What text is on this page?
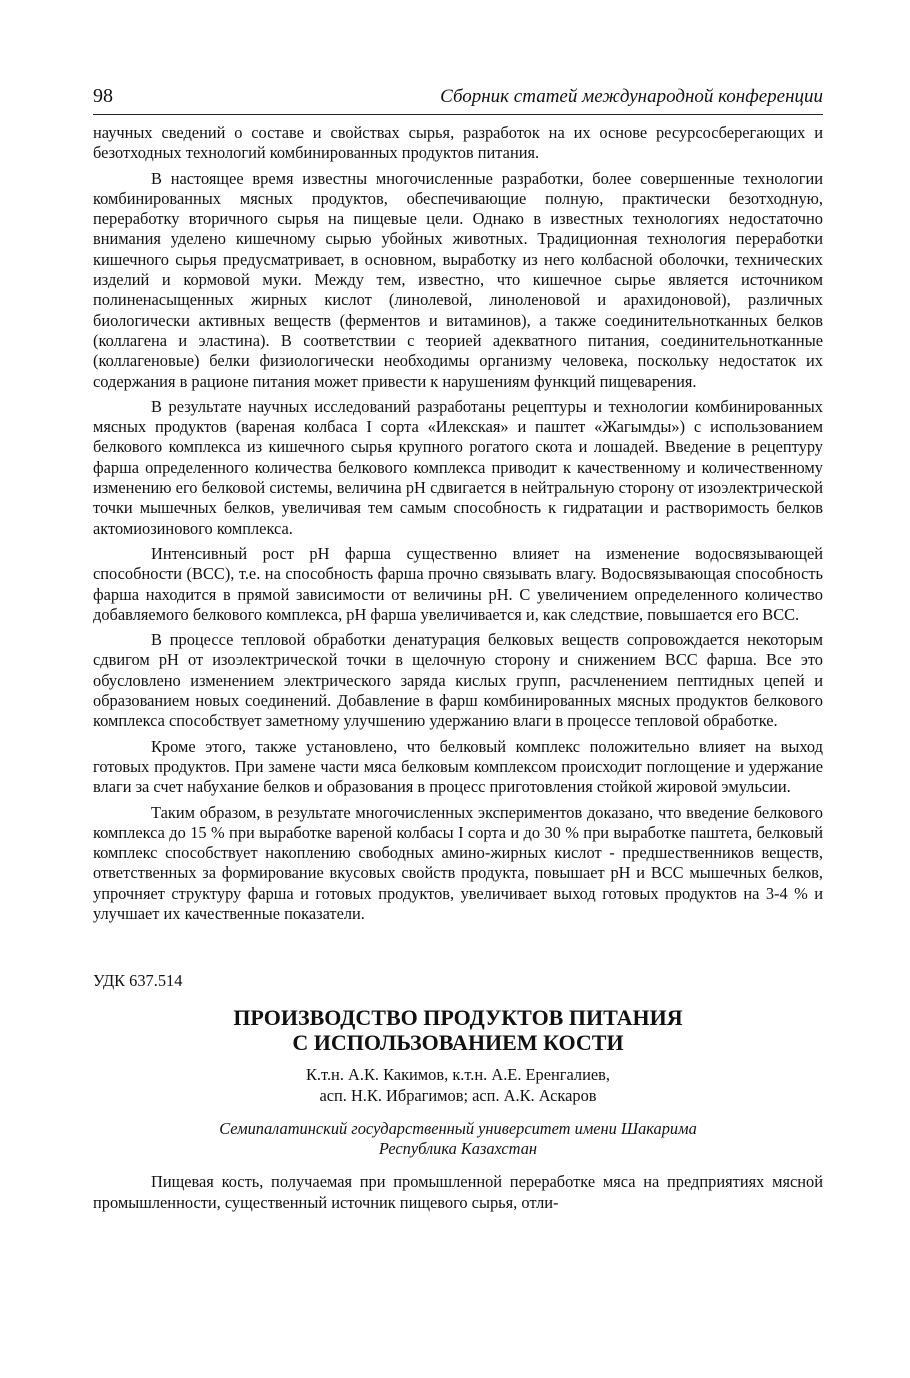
98	Сборник статей международной конференции

научных сведений о составе и свойствах сырья, разработок на их основе ресурсосберегающих и безотходных технологий комбинированных продуктов питания.

В настоящее время известны многочисленные разработки, более совершенные технологии комбинированных мясных продуктов, обеспечивающие полную, практически безотходную, переработку вторичного сырья на пищевые цели. Однако в известных технологиях недостаточно внимания уделено кишечному сырью убойных животных. Традиционная технология переработки кишечного сырья предусматривает, в основном, выработку из него колбасной оболочки, технических изделий и кормовой муки. Между тем, известно, что кишечное сырье является источником полиненасыщенных жирных кислот (линолевой, линоленовой и арахидоновой), различных биологически активных веществ (ферментов и витаминов), а также соединительнотканных белков (коллагена и эластина). В соответствии с теорией адекватного питания, соединительнотканные (коллагеновые) белки физиологически необходимы организму человека, поскольку недостаток их содержания в рационе питания может привести к нарушениям функций пищеварения.

В результате научных исследований разработаны рецептуры и технологии комбинированных мясных продуктов (вареная колбаса I сорта «Илекская» и паштет «Жагымды») с использованием белкового комплекса из кишечного сырья крупного рогатого скота и лошадей. Введение в рецептуру фарша определенного количества белкового комплекса приводит к качественному и количественному изменению его белковой системы, величина рН сдвигается в нейтральную сторону от изоэлектрической точки мышечных белков, увеличивая тем самым способность к гидратации и растворимость белков актомиозинового комплекса.

Интенсивный рост рН фарша существенно влияет на изменение водосвязывающей способности (ВСС), т.е. на способность фарша прочно связывать влагу. Водосвязывающая способность фарша находится в прямой зависимости от величины рН. С увеличением определенного количество добавляемого белкового комплекса, рН фарша увеличивается и, как следствие, повышается его ВСС.

В процессе тепловой обработки денатурация белковых веществ сопровождается некоторым сдвигом рН от изоэлектрической точки в щелочную сторону и снижением ВСС фарша. Все это обусловлено изменением электрического заряда кислых групп, расчленением пептидных цепей и образованием новых соединений. Добавление в фарш комбинированных мясных продуктов белкового комплекса способствует заметному улучшению удержанию влаги в процессе тепловой обработке.

Кроме этого, также установлено, что белковый комплекс положительно влияет на выход готовых продуктов. При замене части мяса белковым комплексом происходит поглощение и удержание влаги за счет набухание белков и образования в процесс приготовления стойкой жировой эмульсии.

Таким образом, в результате многочисленных экспериментов доказано, что введение белкового комплекса до 15 % при выработке вареной колбасы I сорта и до 30 % при выработке паштета, белковый комплекс способствует накоплению свободных амино-жирных кислот - предшественников веществ, ответственных за формирование вкусовых свойств продукта, повышает рН и ВСС мышечных белков, упрочняет структуру фарша и готовых продуктов, увеличивает выход готовых продуктов на 3-4 % и улучшает их качественные показатели.

УДК 637.514
ПРОИЗВОДСТВО ПРОДУКТОВ ПИТАНИЯ
С ИСПОЛЬЗОВАНИЕМ КОСТИ
К.т.н. А.К. Какимов, к.т.н. А.Е. Еренгалиев,
асп. Н.К. Ибрагимов; асп. А.К. Аскаров
Семипалатинский государственный университет имени Шакарима
Республика Казахстан

Пищевая кость, получаемая при промышленной переработке мяса на предприятиях мясной промышленности, существенный источник пищевого сырья, отли-
